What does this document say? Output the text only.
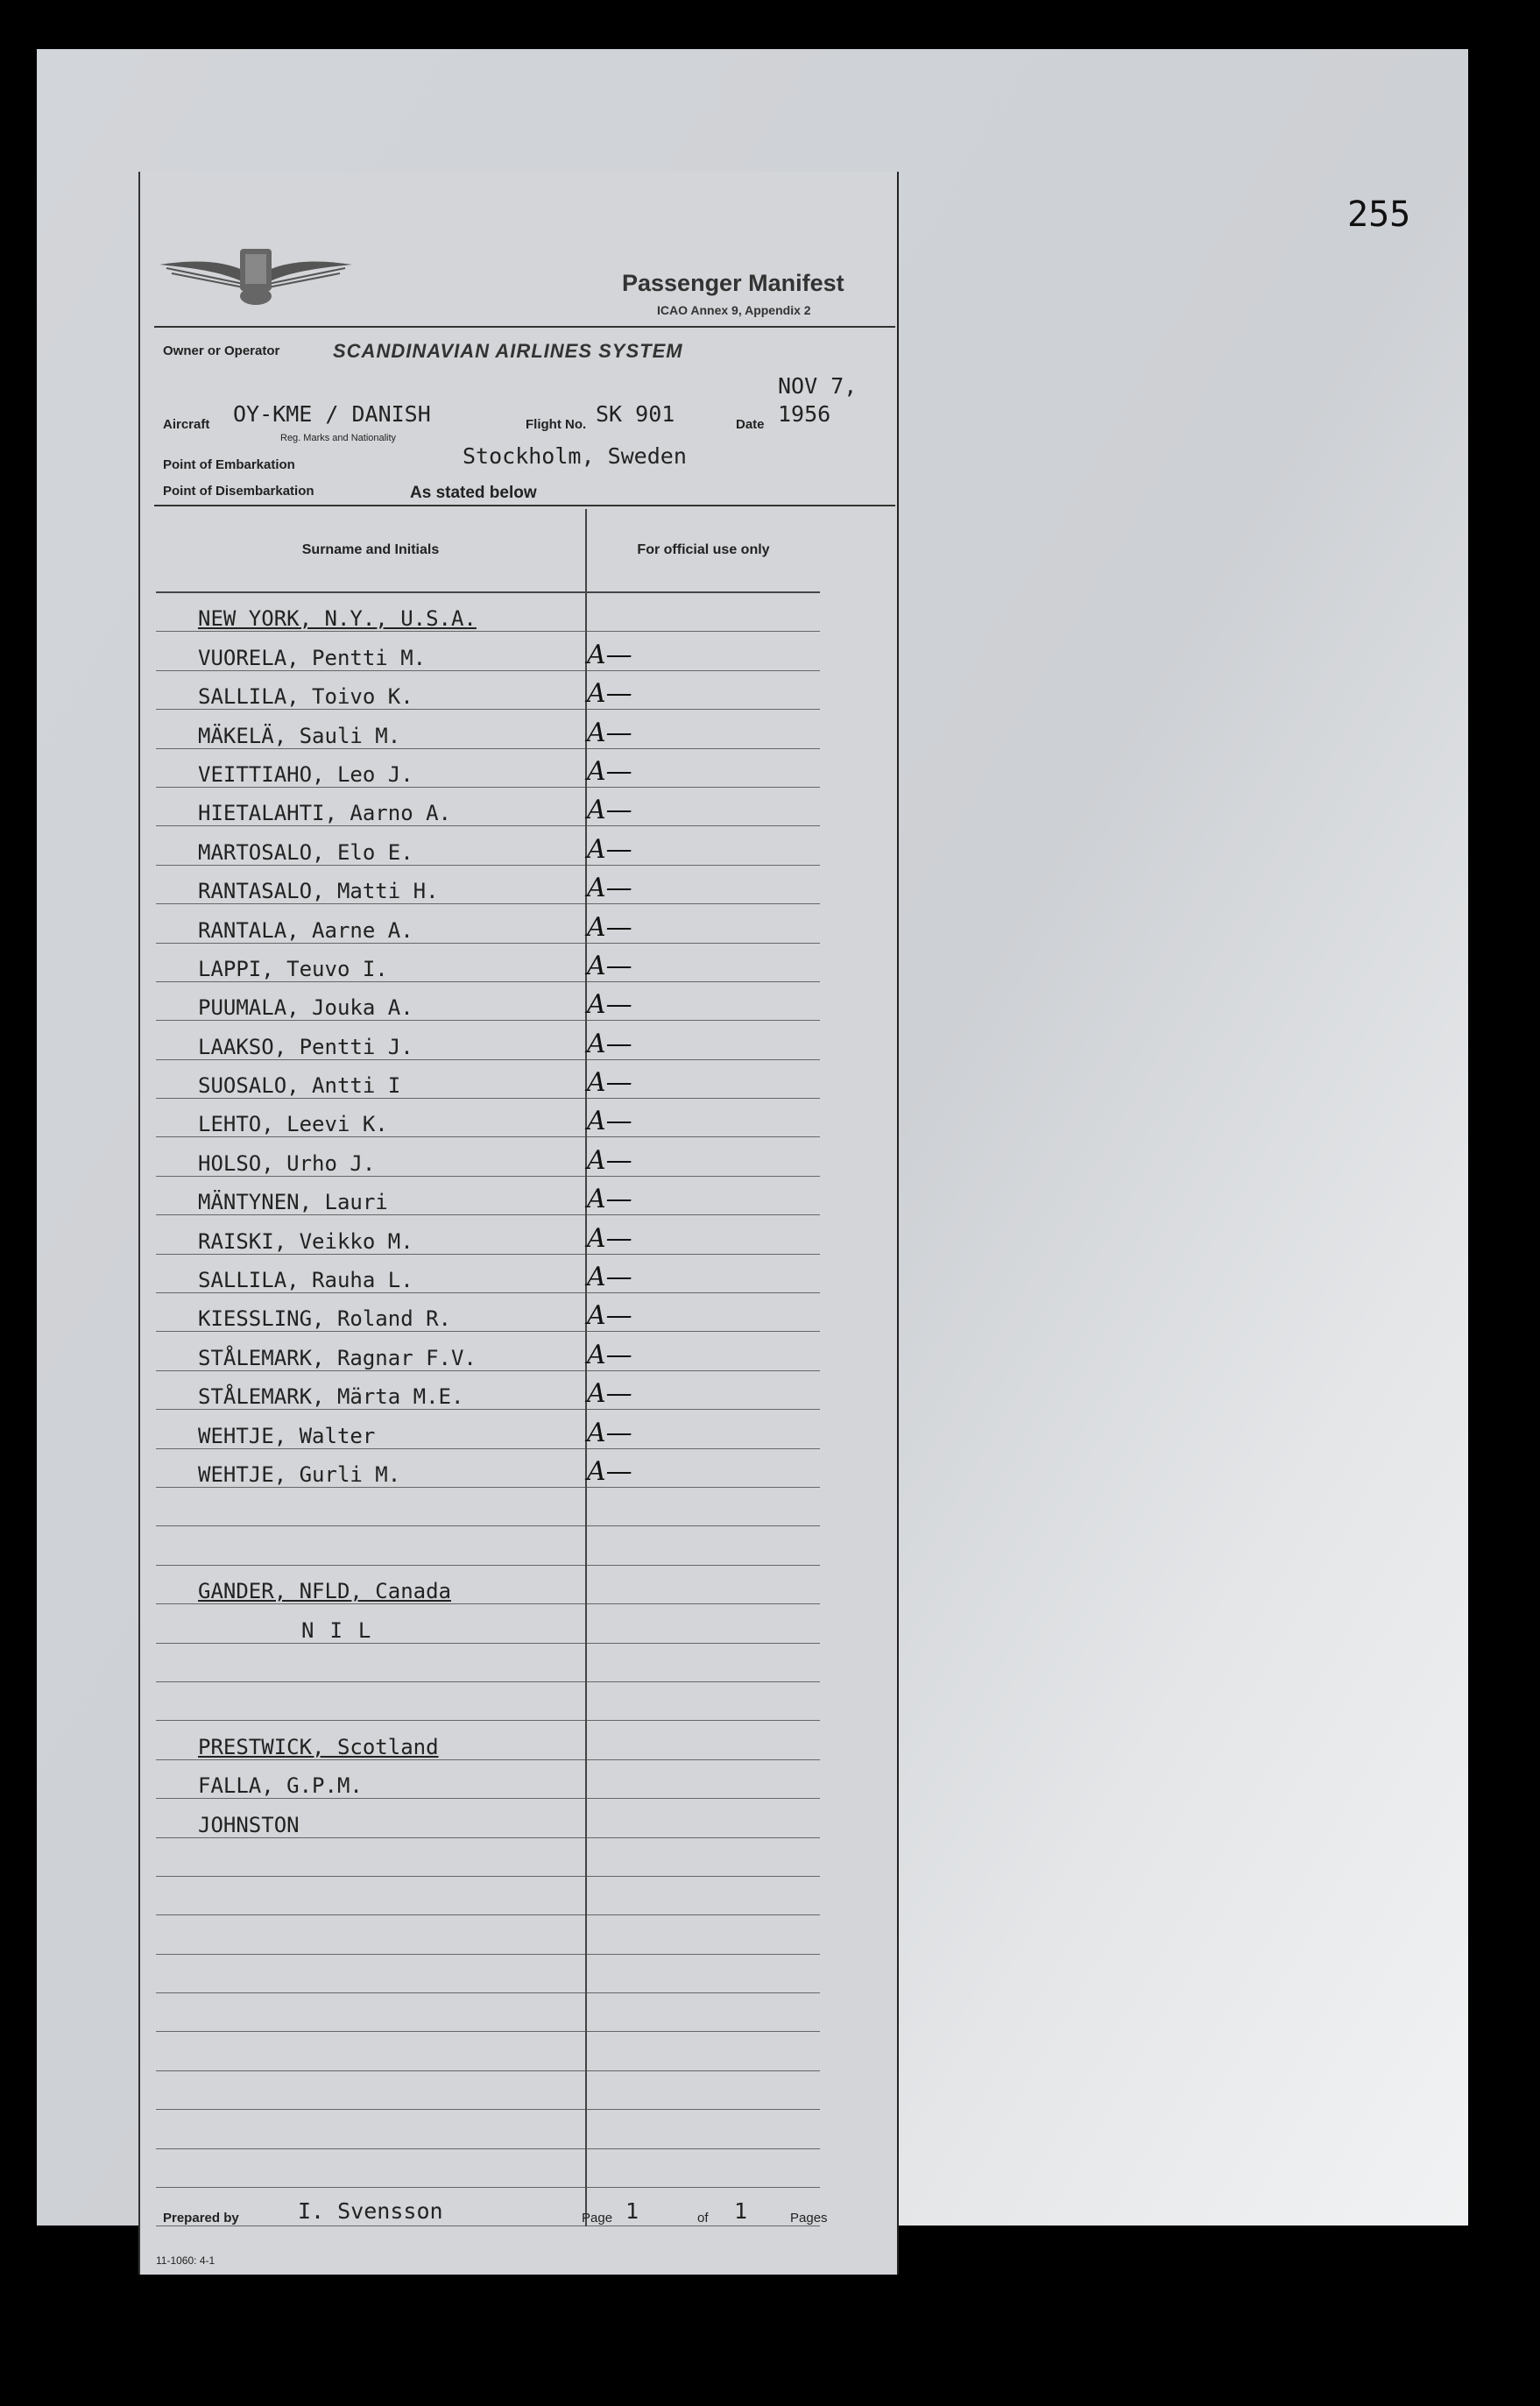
255
Passenger Manifest
ICAO Annex 9, Appendix 2
Owner or Operator	SCANDINAVIAN AIRLINES SYSTEM
Aircraft OY-KME / DANISH
Reg. Marks and Nationality
Flight No. SK 901	Date
NOV 7,
1956
Point of Embarkation	Stockholm, Sweden
Point of Disembarkation	As stated below
Surname and Initials	For official use only
NEW YORK, N.Y., U.S.A.	
VUORELA, Pentti M.	A—
SALLILA, Toivo K.	A—
MÄKELÄ, Sauli M.	A—
VEITTIAHO, Leo J.	A—
HIETALAHTI, Aarno A.	A—
MARTOSALO, Elo E.	A—
RANTASALO, Matti H.	A—
RANTALA, Aarne A.	A—
LAPPI, Teuvo I.	A—
PUUMALA, Jouka A.	A—
LAAKSO, Pentti J.	A—
SUOSALO, Antti I	A—
LEHTO, Leevi K.	A—
HOLSO, Urho J.	A—
MÄNTYNEN, Lauri	A—
RAISKI, Veikko M.	A—
SALLILA, Rauha L.	A—
KIESSLING, Roland R.	A—
STÅLEMARK, Ragnar F.V.	A—
STÅLEMARK, Märta M.E.	A—
WEHTJE, Walter	A—
WEHTJE, Gurli M.	A—

GANDER, NFLD, Canada	
NIL	

PRESTWICK, Scotland	
FALLA, G.P.M.	
JOHNSTON	

Prepared by	I. Svensson	Page 1	of 1	Pages
11-1060: 4-1
